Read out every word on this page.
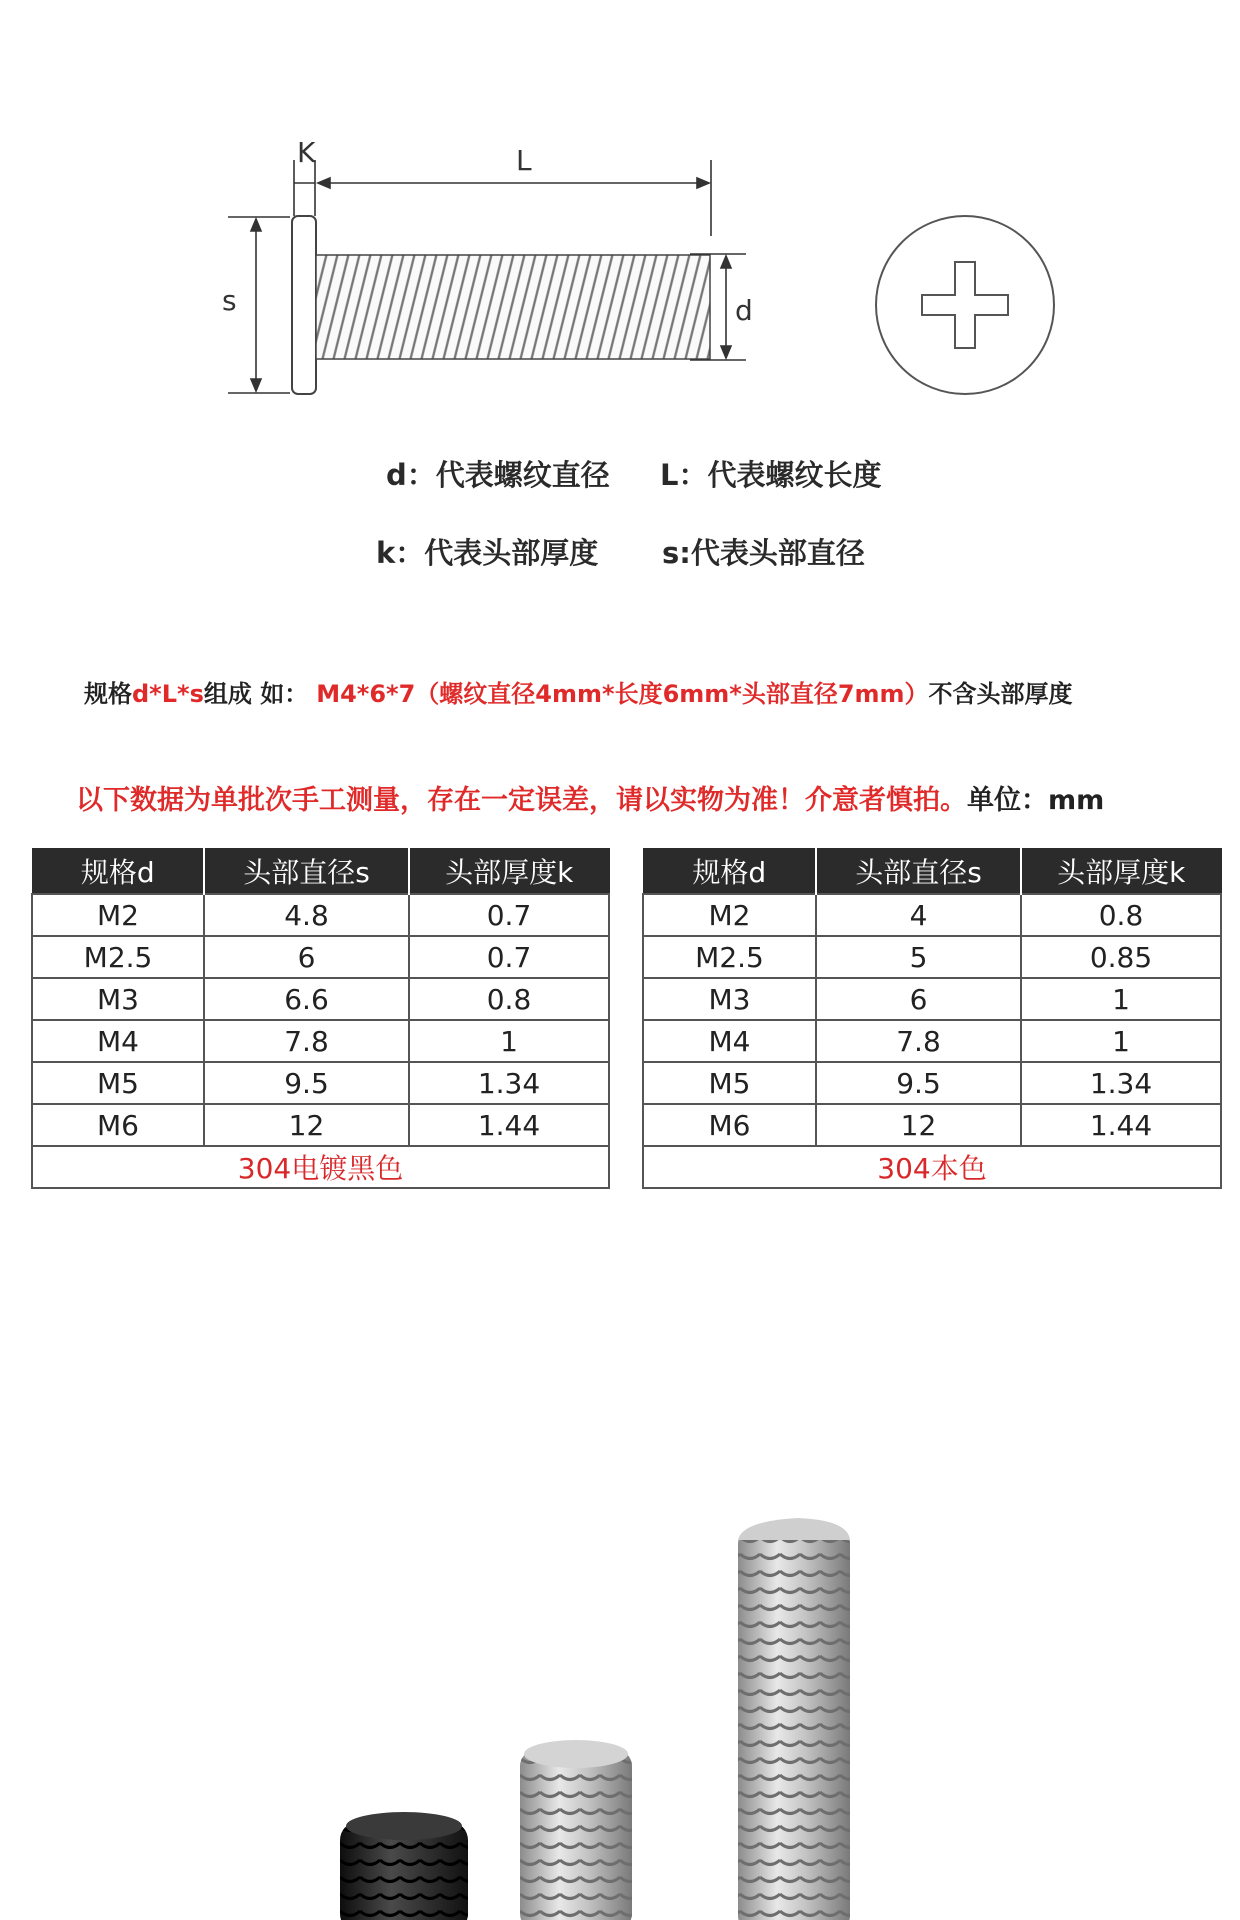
K	L
s	d
d：代表螺纹直径 L：代表螺纹长度
k：代表头部厚度 s:代表头部直径
规格d*L*s组成 如： M4*6*7（螺纹直径4mm*长度6mm*头部直径7mm）不含头部厚度
以下数据为单批次手工测量，存在一定误差，请以实物为准！介意者慎拍。单位：mm
规格d	头部直径s	头部厚度k
M2	4.8	0.7
M2.5	6	0.7
M3	6.6	0.8
M4	7.8	1
M5	9.5	1.34
M6	12	1.44
304电镀黑色		
规格d	头部直径s	头部厚度k
M2	4	0.8
M2.5	5	0.85
M3	6	1
M4	7.8	1
M5	9.5	1.34
M6	12	1.44
304本色		
